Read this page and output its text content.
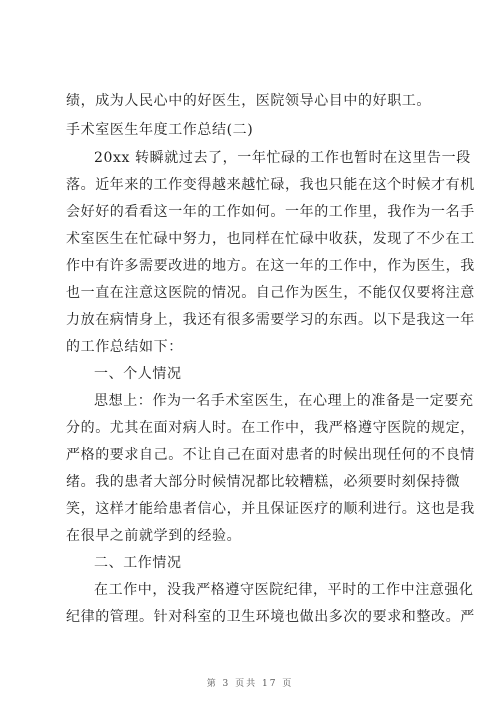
绩，成为人民心中的好医生，医院领导心目中的好职工。
手术室医生年度工作总结(二)
20xx 转瞬就过去了，一年忙碌的工作也暂时在这里告一段
落。近年来的工作变得越来越忙碌，我也只能在这个时候才有机
会好好的看看这一年的工作如何。一年的工作里，我作为一名手
术室医生在忙碌中努力，也同样在忙碌中收获，发现了不少在工
作中有许多需要改进的地方。在这一年的工作中，作为医生，我
也一直在注意这医院的情况。自己作为医生，不能仅仅要将注意
力放在病情身上，我还有很多需要学习的东西。以下是我这一年
的工作总结如下：
一、个人情况
思想上：作为一名手术室医生，在心理上的准备是一定要充
分的。尤其在面对病人时。在工作中，我严格遵守医院的规定，
严格的要求自己。不让自己在面对患者的时候出现任何的不良情
绪。我的患者大部分时候情况都比较糟糕，必须要时刻保持微
笑，这样才能给患者信心，并且保证医疗的顺利进行。这也是我
在很早之前就学到的经验。
二、工作情况
在工作中，没我严格遵守医院纪律，平时的工作中注意强化
纪律的管理。针对科室的卫生环境也做出多次的要求和整改。严
第 3 页共 17 页
